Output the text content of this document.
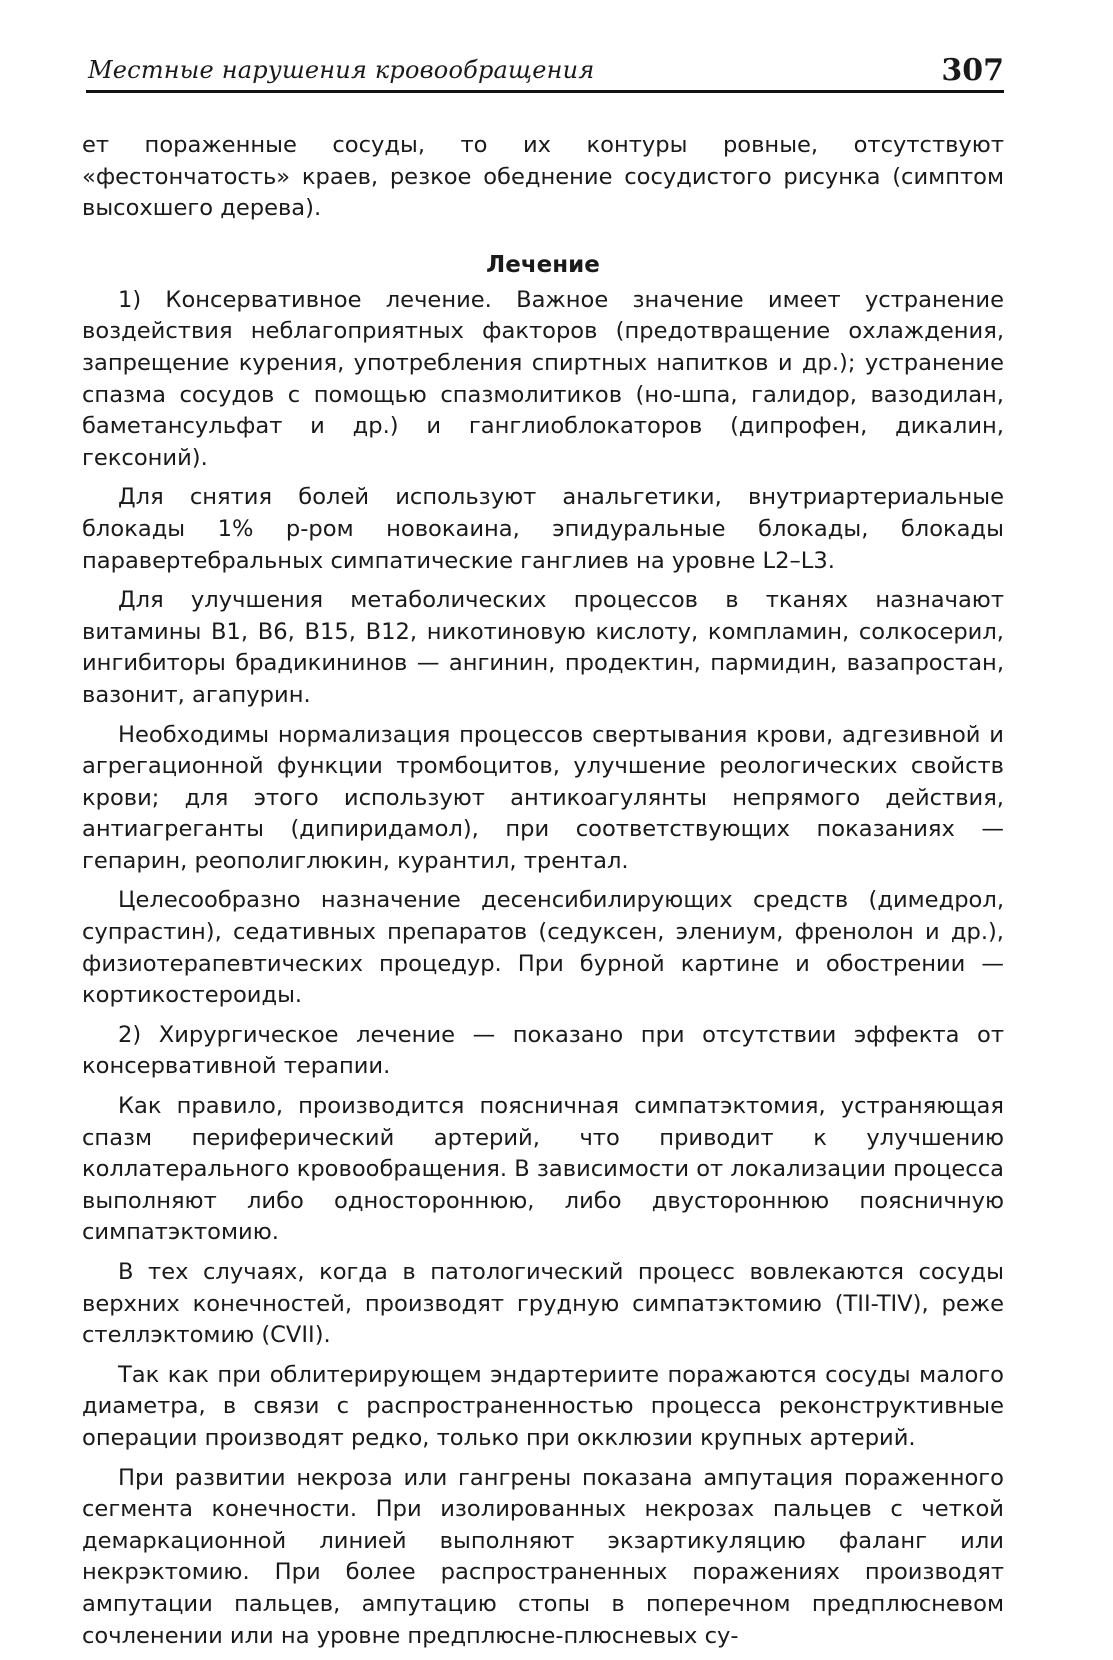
Местные нарушения кровообращения	307

ет пораженные сосуды, то их контуры ровные, отсутствуют «фестончатость» краев, резкое обеднение сосудистого рисунка (симптом высохшего дерева).

Лечение

1) Консервативное лечение. Важное значение имеет устранение воздействия неблагоприятных факторов (предотвращение охлаждения, запрещение курения, употребления спиртных напитков и др.); устранение спазма сосудов с помощью спазмолитиков (но-шпа, галидор, вазодилан, баметансульфат и др.) и ганглиоблокаторов (дипрофен, дикалин, гексоний).

Для снятия болей используют анальгетики, внутриартериальные блокады 1% р-ром новокаина, эпидуральные блокады, блокады паравертебральных симпатические ганглиев на уровне L2–L3.

Для улучшения метаболических процессов в тканях назначают витамины B1, B6, B15, B12, никотиновую кислоту, компламин, солкосерил, ингибиторы брадикининов — ангинин, продектин, пармидин, вазапростан, вазонит, агапурин.

Необходимы нормализация процессов свертывания крови, адгезивной и агрегационной функции тромбоцитов, улучшение реологических свойств крови; для этого используют антикоагулянты непрямого действия, антиагреганты (дипиридамол), при соответствующих показаниях — гепарин, реополиглюкин, курантил, трентал.

Целесообразно назначение десенсибилирующих средств (димедрол, супрастин), седативных препаратов (седуксен, элениум, френолон и др.), физиотерапевтических процедур. При бурной картине и обострении — кортикостероиды.

2) Хирургическое лечение — показано при отсутствии эффекта от консервативной терапии.

Как правило, производится поясничная симпатэктомия, устраняющая спазм периферический артерий, что приводит к улучшению коллатерального кровообращения. В зависимости от локализации процесса выполняют либо одностороннюю, либо двустороннюю поясничную симпатэктомию.

В тех случаях, когда в патологический процесс вовлекаются сосуды верхних конечностей, производят грудную симпатэктомию (TII-TIV), реже стеллэктомию (CVII).

Так как при облитерирующем эндартериите поражаются сосуды малого диаметра, в связи с распространенностью процесса реконструктивные операции производят редко, только при окклюзии крупных артерий.

При развитии некроза или гангрены показана ампутация пораженного сегмента конечности. При изолированных некрозах пальцев с четкой демаркационной линией выполняют экзартикуляцию фаланг или некрэктомию. При более распространенных поражениях производят ампутации пальцев, ампутацию стопы в поперечном предплюсневом сочленении или на уровне предплюсне-плюсневых су-
